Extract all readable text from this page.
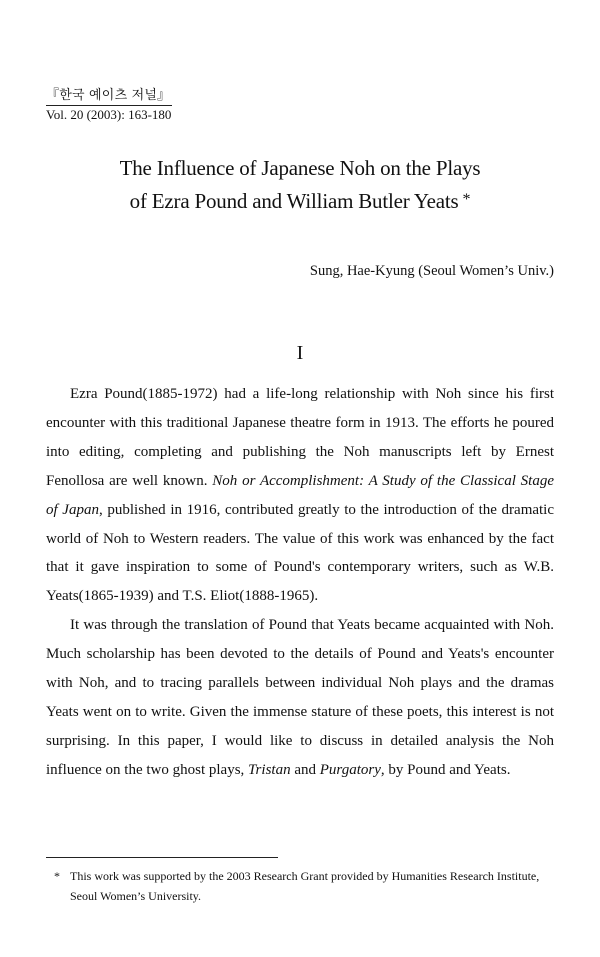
『한국 예이츠 저널』
Vol. 20 (2003): 163-180
The Influence of Japanese Noh on the Plays
of Ezra Pound and William Butler Yeats *
Sung, Hae-Kyung (Seoul Women’s Univ.)
I

Ezra Pound(1885-1972) had a life-long relationship with Noh since his first encounter with this traditional Japanese theatre form in 1913. The efforts he poured into editing, completing and publishing the Noh manuscripts left by Ernest Fenollosa are well known. Noh or Accomplishment: A Study of the Classical Stage of Japan, published in 1916, contributed greatly to the introduction of the dramatic world of Noh to Western readers. The value of this work was enhanced by the fact that it gave inspiration to some of Pound's contemporary writers, such as W.B. Yeats(1865-1939) and T.S. Eliot(1888-1965).

It was through the translation of Pound that Yeats became acquainted with Noh. Much scholarship has been devoted to the details of Pound and Yeats's encounter with Noh, and to tracing parallels between individual Noh plays and the dramas Yeats went on to write. Given the immense stature of these poets, this interest is not surprising. In this paper, I would like to discuss in detailed analysis the Noh influence on the two ghost plays, Tristan and Purgatory, by Pound and Yeats.

* This work was supported by the 2003 Research Grant provided by Humanities Research Institute,
Seoul Women’s University.
